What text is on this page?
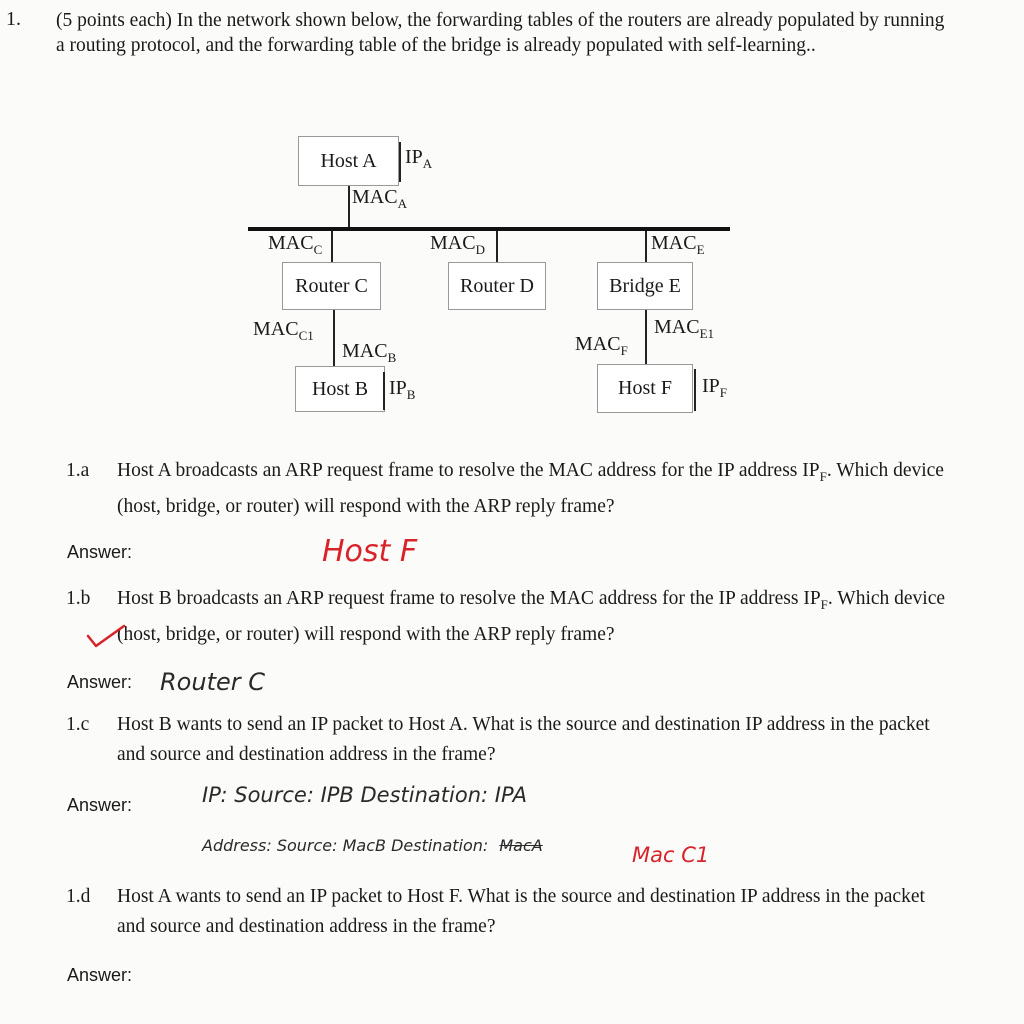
1. (5 points each) In the network shown below, the forwarding tables of the routers are already populated by running a routing protocol, and the forwarding table of the bridge is already populated with self-learning..
Host A $IP_A$
$MAC_A$
$MAC_C$
Router C
$MAC_D$
Router D
$MAC_E$
Bridge E
$MAC_{C1}$
$MAC_B$
Host B $IP_B$
$MAC_F$
$MAC_{E1}$
Host F $IP_F$
1.a Host A broadcasts an ARP request frame to resolve the MAC address for the IP address $IP_F$. Which device (host, bridge, or router) will respond with the ARP reply frame?
Answer:	Host F
1.b Host B broadcasts an ARP request frame to resolve the MAC address for the IP address $IP_F$. Which device (host, bridge, or router) will respond with the ARP reply frame?
Answer: Router C
1.c Host B wants to send an IP packet to Host A. What is the source and destination IP address in the packet and source and destination address in the frame?
Answer:	IP: Source: IPB Destination: IPA
Address: Source: MacB Destination: MacA	Mac C1
1.d Host A wants to send an IP packet to Host F. What is the source and destination IP address in the packet and source and destination address in the frame?
Answer:
